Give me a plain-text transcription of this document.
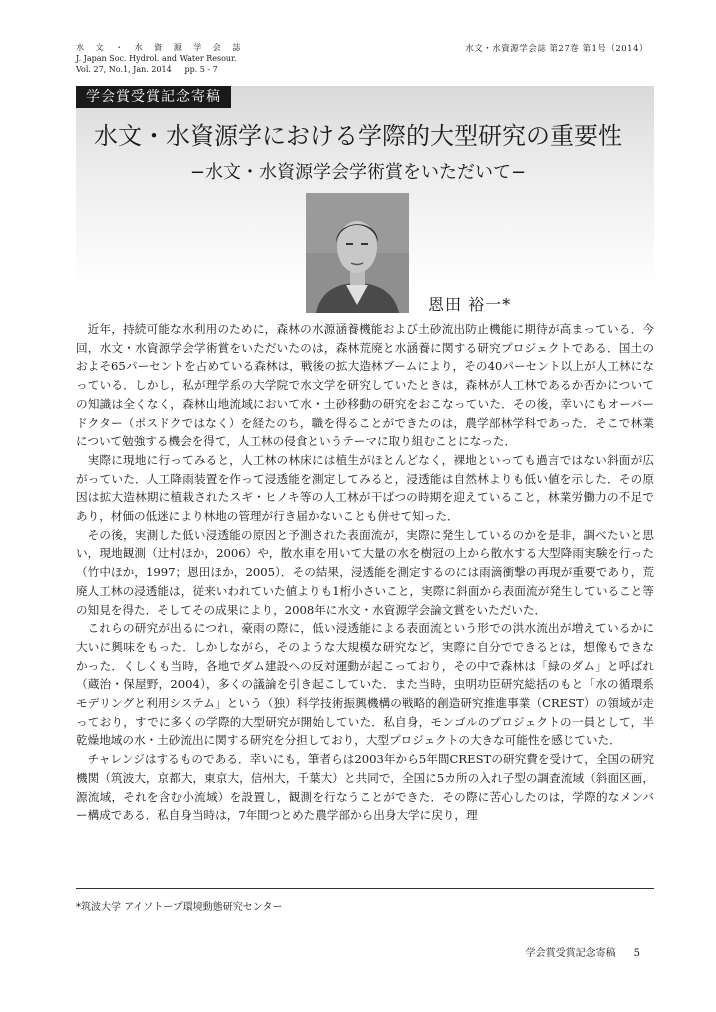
水 文 ・ 水 資 源 学 会 誌
J. Japan Soc. Hydrol. and Water Resour.
Vol. 27, No.1, Jan. 2014     pp. 5 - 7
水文・水資源学会誌 第27巻 第1号（2014）
学会賞受賞記念寄稿
水文・水資源学における学際的大型研究の重要性
−水文・水資源学会学術賞をいただいて−
恩田 裕一*

近年，持続可能な水利用のために，森林の水源涵養機能および土砂流出防止機能に期待が高まっている．今回，水文・水資源学会学術賞をいただいたのは，森林荒廃と水涵養に関する研究プロジェクトである．国土のおよそ65パーセントを占めている森林は，戦後の拡大造林ブームにより，その40パーセント以上が人工林になっている．しかし，私が理学系の大学院で水文学を研究していたときは，森林が人工林であるか否かについての知識は全くなく，森林山地流域において水・土砂移動の研究をおこなっていた．その後，幸いにもオーバードクター（ポスドクではなく）を経たのち，職を得ることができたのは，農学部林学科であった．そこで林業について勉強する機会を得て，人工林の侵食というテーマに取り組むことになった．

実際に現地に行ってみると，人工林の林床には植生がほとんどなく，裸地といっても過言ではない斜面が広がっていた．人工降雨装置を作って浸透能を測定してみると，浸透能は自然林よりも低い値を示した．その原因は拡大造林期に植栽されたスギ・ヒノキ等の人工林が干ばつの時期を迎えていること，林業労働力の不足であり，材価の低迷により林地の管理が行き届かないことも併せて知った．

その後，実測した低い浸透能の原因と予測された表面流が，実際に発生しているのかを是非，調べたいと思い，現地観測（辻村ほか，2006）や，散水車を用いて大量の水を樹冠の上から散水する大型降雨実験を行った（竹中ほか，1997；恩田ほか，2005）．その結果，浸透能を測定するのには雨滴衝撃の再現が重要であり，荒廃人工林の浸透能は，従来いわれていた値よりも1桁小さいこと，実際に斜面から表面流が発生していること等の知見を得た．そしてその成果により，2008年に水文・水資源学会論文賞をいただいた．

これらの研究が出るにつれ，豪雨の際に，低い浸透能による表面流という形での洪水流出が増えているかに大いに興味をもった．しかしながら，そのような大規模な研究など，実際に自分でできるとは，想像もできなかった．くしくも当時，各地でダム建設への反対運動が起こっており，その中で森林は「緑のダム」と呼ばれ（蔵治・保屋野，2004），多くの議論を引き起こしていた．また当時，虫明功臣研究総括のもと「水の循環系モデリングと利用システム」という（独）科学技術振興機構の戦略的創造研究推進事業（CREST）の領域が走っており，すでに多くの学際的大型研究が開始していた．私自身，モンゴルのプロジェクトの一員として，半乾燥地域の水・土砂流出に関する研究を分担しており，大型プロジェクトの大きな可能性を感じていた．

チャレンジはするものである．幸いにも，筆者らは2003年から5年間CRESTの研究費を受けて，全国の研究機関（筑波大，京都大，東京大，信州大，千葉大）と共同で，全国に5カ所の入れ子型の調査流域（斜面区画，源流域，それを含む小流域）を設置し，観測を行なうことができた．その際に苦心したのは，学際的なメンバー構成である．私自身当時は，7年間つとめた農学部から出身大学に戻り，理

*筑波大学 アイソトープ環境動態研究センター
学会賞受賞記念寄稿 5
